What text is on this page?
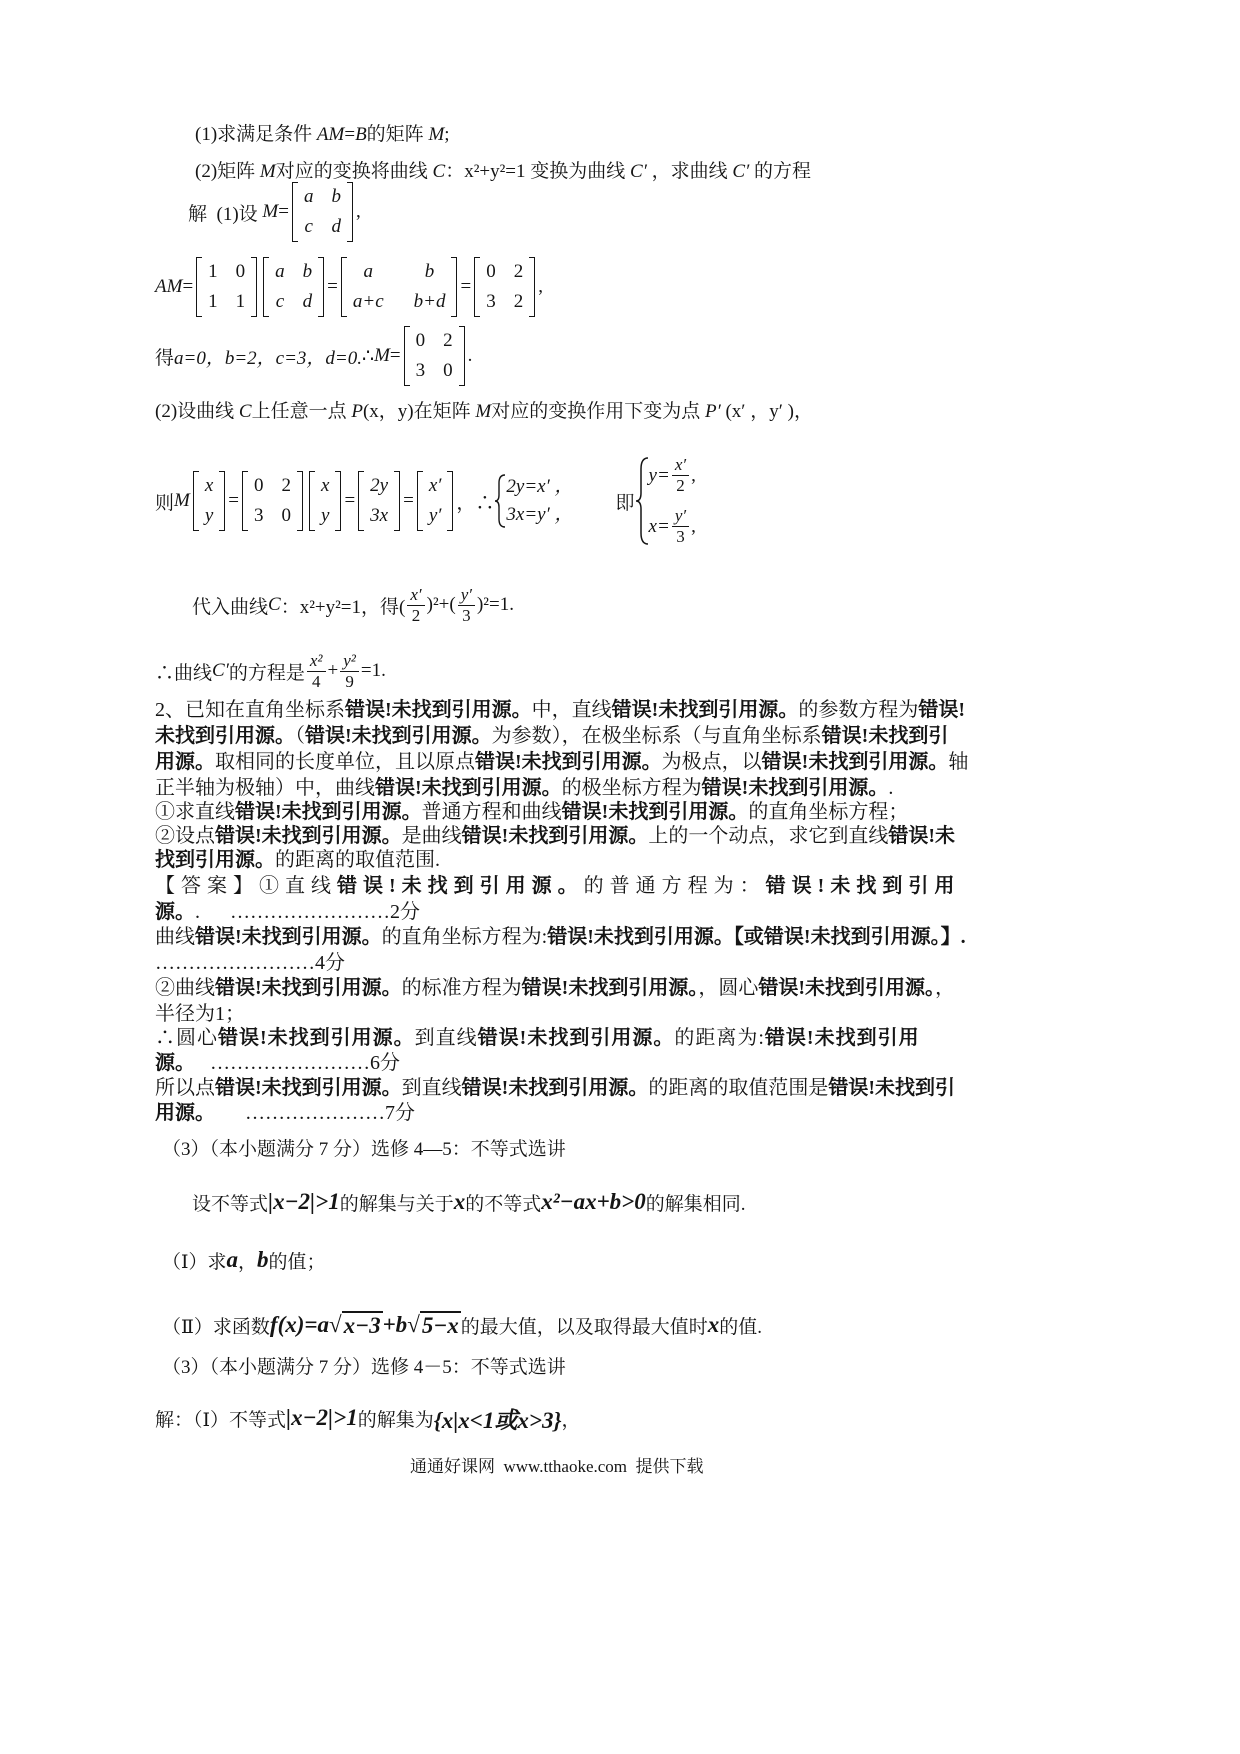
(1)求满足条件 AM=B的矩阵 M;
(2)矩阵 M对应的变换将曲线 C：x²+y²=1 变换为曲线 C′ ，求曲线 C′ 的方程
解 (1)设 M =
a b
c d
,
AM =
1 0
1 1
a b
c d
=
a	b
a+c b+d
=
0 2
3 2
,
得 a=0，b=2，c=3，d=0. ∴ M =
0 2
3 0
.
(2)设曲线 C上任意一点 P(x，y)在矩阵 M对应的变换作用下变为点 P′ (x′ ，y′ )，
则 M
x
y
=
0 2
3 0
x
y
=
2y
3x
=
x′
y′
，∴
2y=x′ ，
3x=y′ ，
即
$y= \frac{x'}{2}$ ,
$x= \frac{y'}{3}$ ,
代入曲线 C ：x²+y²=1，得( $\frac{x'}{2} )^2+( \frac{y'}{3} )^2=1$.
∴曲线 C′ 的方程是 $\frac{\text{x²}}{4} + \frac{\text{y²}}{9} =1$.
2、已知在直角坐标系错误!未找到引用源。中，直线错误!未找到引用源。的参数方程为错误!
未找到引用源。（错误!未找到引用源。为参数），在极坐标系（与直角坐标系错误!未找到引
用源。取相同的长度单位，且以原点错误!未找到引用源。为极点，以错误!未找到引用源。轴
正半轴为极轴）中，曲线错误!未找到引用源。的极坐标方程为错误!未找到引用源。.
①求直线错误!未找到引用源。普通方程和曲线错误!未找到引用源。的直角坐标方程；
②设点错误!未找到引用源。是曲线错误!未找到引用源。上的一个动点，求它到直线错误!未
找到引用源。的距离的取值范围.
【答案】①直线错误!未找到引用源。的普通方程为：错误!未找到引用
源。.      ……………………2分
曲线错误!未找到引用源。的直角坐标方程为:错误!未找到引用源。【或错误!未找到引用源。】.
……………………4分
②曲线错误!未找到引用源。的标准方程为错误!未找到引用源。，圆心错误!未找到引用源。，
半径为1；
∴圆心错误!未找到引用源。到直线错误!未找到引用源。的距离为:错误!未找到引用
源。   ……………………6分
所以点错误!未找到引用源。到直线错误!未找到引用源。的距离的取值范围是错误!未找到引
用源。      …………………7分
（3）（本小题满分 7 分）选修 4—5：不等式选讲
设不等式 |x−2|>1 的解集与关于 x 的不等式 x²−ax+b>0 的解集相同.
（Ⅰ）求 a ， b 的值；
（Ⅱ）求函数 f(x)=a √ x−3 +b √ 5−x 的最大值，以及取得最大值时 x 的值.
（3）（本小题满分 7 分）选修 4－5：不等式选讲
解：（Ⅰ）不等式 |x−2|>1 的解集为 {x|x<1或x>3} ，
通通好课网  www.tthaoke.com  提供下载
